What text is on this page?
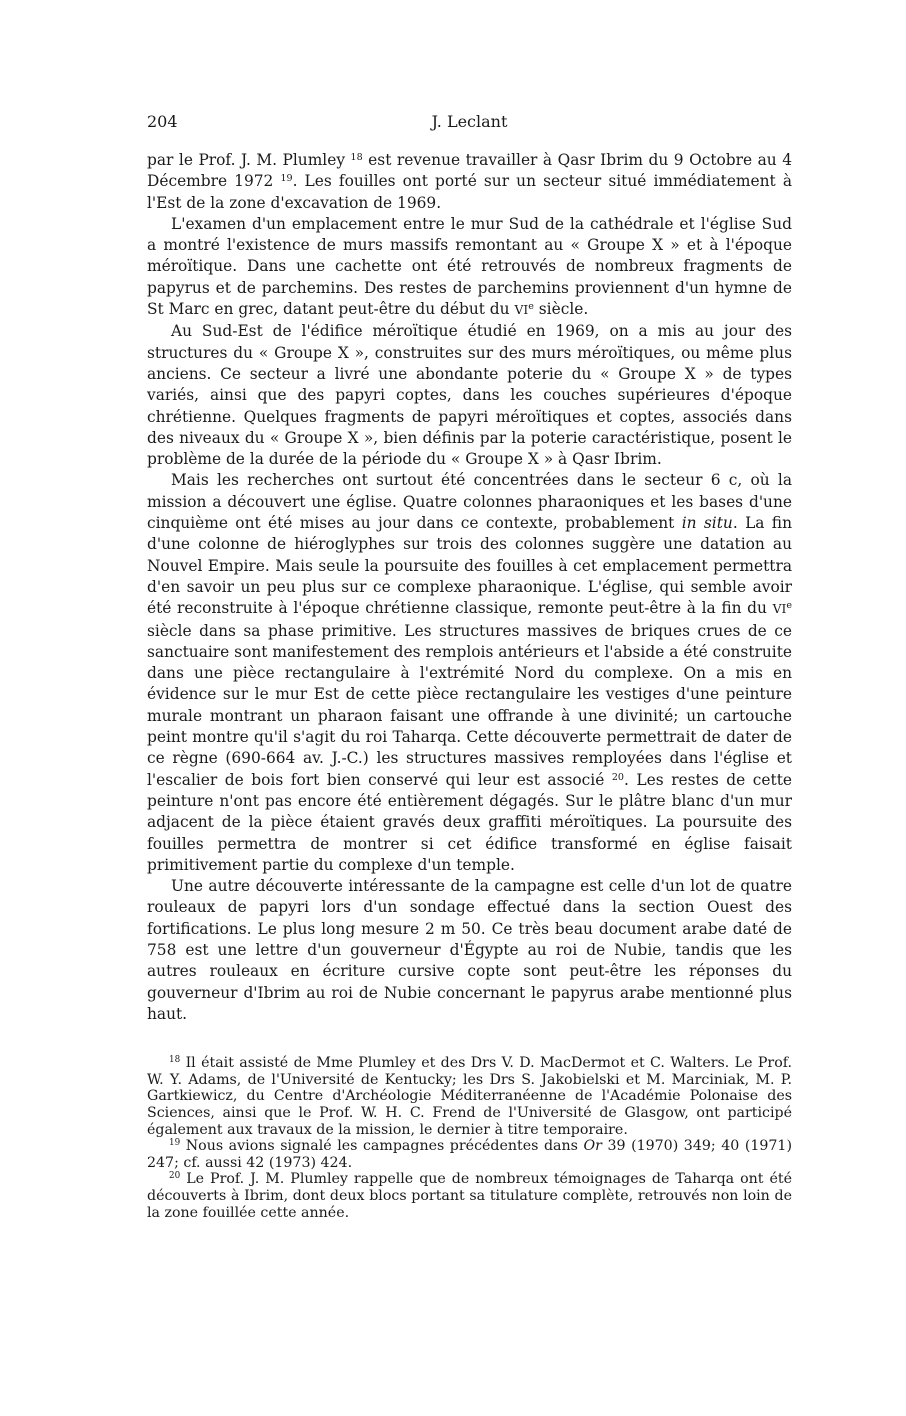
204	J. Leclant

par le Prof. J. M. Plumley $^{18}$ est revenue travailler à Qasr Ibrim du 9 Octobre au 4 Décembre 1972 $^{19}$. Les fouilles ont porté sur un secteur situé immédiatement à l'Est de la zone d'excavation de 1969.

L'examen d'un emplacement entre le mur Sud de la cathédrale et l'église Sud a montré l'existence de murs massifs remontant au « Groupe X » et à l'époque méroïtique. Dans une cachette ont été retrouvés de nombreux fragments de papyrus et de parchemins. Des restes de parchemins proviennent d'un hymne de St Marc en grec, datant peut-être du début du VIe siècle.

Au Sud-Est de l'édifice méroïtique étudié en 1969, on a mis au jour des structures du « Groupe X », construites sur des murs méroïtiques, ou même plus anciens. Ce secteur a livré une abondante poterie du « Groupe X » de types variés, ainsi que des papyri coptes, dans les couches supérieures d'époque chrétienne. Quelques fragments de papyri méroïtiques et coptes, associés dans des niveaux du « Groupe X », bien définis par la poterie caractéristique, posent le problème de la durée de la période du « Groupe X » à Qasr Ibrim.

Mais les recherches ont surtout été concentrées dans le secteur 6 c, où la mission a découvert une église. Quatre colonnes pharaoniques et les bases d'une cinquième ont été mises au jour dans ce contexte, probablement in situ. La fin d'une colonne de hiéroglyphes sur trois des colonnes suggère une datation au Nouvel Empire. Mais seule la poursuite des fouilles à cet emplacement permettra d'en savoir un peu plus sur ce complexe pharaonique. L'église, qui semble avoir été reconstruite à l'époque chrétienne classique, remonte peut-être à la fin du VIe siècle dans sa phase primitive. Les structures massives de briques crues de ce sanctuaire sont manifestement des remplois antérieurs et l'abside a été construite dans une pièce rectangulaire à l'extrémité Nord du complexe. On a mis en évidence sur le mur Est de cette pièce rectangulaire les vestiges d'une peinture murale montrant un pharaon faisant une offrande à une divinité; un cartouche peint montre qu'il s'agit du roi Taharqa. Cette découverte permettrait de dater de ce règne (690-664 av. J.-C.) les structures massives remployées dans l'église et l'escalier de bois fort bien conservé qui leur est associé $^{20}$. Les restes de cette peinture n'ont pas encore été entièrement dégagés. Sur le plâtre blanc d'un mur adjacent de la pièce étaient gravés deux graffiti méroïtiques. La poursuite des fouilles permettra de montrer si cet édifice transformé en église faisait primitivement partie du complexe d'un temple.

Une autre découverte intéressante de la campagne est celle d'un lot de quatre rouleaux de papyri lors d'un sondage effectué dans la section Ouest des fortifications. Le plus long mesure 2 m 50. Ce très beau document arabe daté de 758 est une lettre d'un gouverneur d'Égypte au roi de Nubie, tandis que les autres rouleaux en écriture cursive copte sont peut-être les réponses du gouverneur d'Ibrim au roi de Nubie concernant le papyrus arabe mentionné plus haut.

$^{18}$ Il était assisté de Mme Plumley et des Drs V. D. MacDermot et C. Walters. Le Prof. W. Y. Adams, de l'Université de Kentucky; les Drs S. Jakobielski et M. Marciniak, M. P. Gartkiewicz, du Centre d'Archéologie Méditerranéenne de l'Académie Polonaise des Sciences, ainsi que le Prof. W. H. C. Frend de l'Université de Glasgow, ont participé également aux travaux de la mission, le dernier à titre temporaire.

$^{19}$ Nous avions signalé les campagnes précédentes dans Or 39 (1970) 349; 40 (1971) 247; cf. aussi 42 (1973) 424.

$^{20}$ Le Prof. J. M. Plumley rappelle que de nombreux témoignages de Taharqa ont été découverts à Ibrim, dont deux blocs portant sa titulature complète, retrouvés non loin de la zone fouillée cette année.
